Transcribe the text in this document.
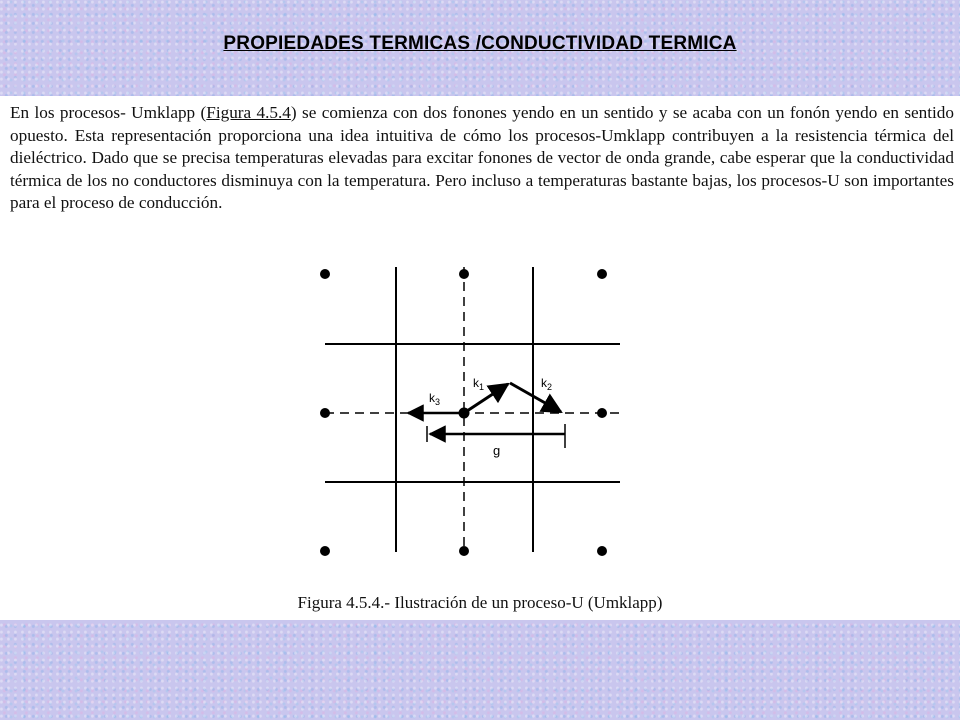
PROPIEDADES TERMICAS /CONDUCTIVIDAD TERMICA

En los procesos- Umklapp (Figura 4.5.4) se comienza con dos fonones yendo en un sentido y se acaba con un fonón yendo en sentido opuesto. Esta representación proporciona una idea intuitiva de cómo los procesos-Umklapp contribuyen a la resistencia térmica del dieléctrico. Dado que se precisa temperaturas elevadas para excitar fonones de vector de onda grande, cabe esperar que la conductividad térmica de los no conductores disminuya con la temperatura. Pero incluso a temperaturas bastante bajas, los procesos-U son importantes para el proceso de conducción.

$k_1$	$k_2$
$k_3$
g
Figura 4.5.4.- Ilustración de un proceso-U (Umklapp)
